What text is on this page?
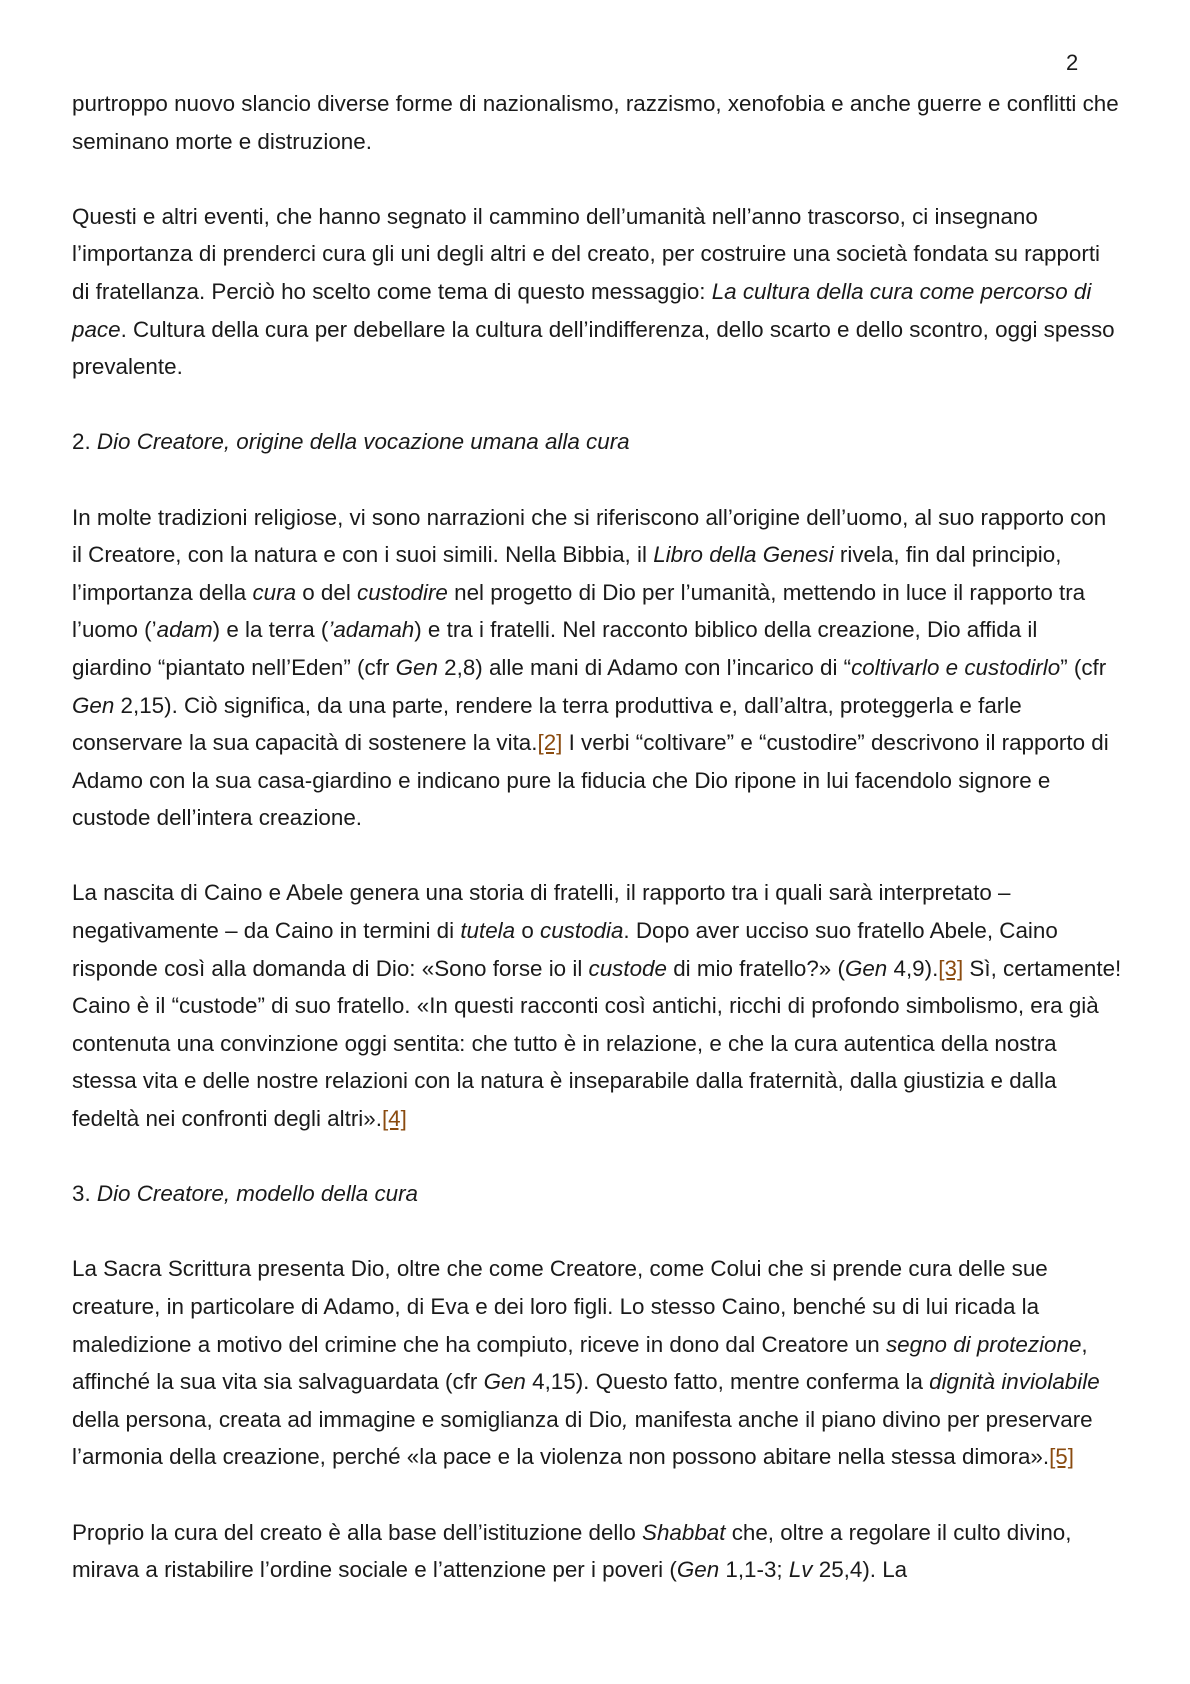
2

purtroppo nuovo slancio diverse forme di nazionalismo, razzismo, xenofobia e anche guerre e conflitti che seminano morte e distruzione.

Questi e altri eventi, che hanno segnato il cammino dell’umanità nell’anno trascorso, ci insegnano l’importanza di prenderci cura gli uni degli altri e del creato, per costruire una società fondata su rapporti di fratellanza. Perciò ho scelto come tema di questo messaggio: La cultura della cura come percorso di pace. Cultura della cura per debellare la cultura dell’indifferenza, dello scarto e dello scontro, oggi spesso prevalente.

2. Dio Creatore, origine della vocazione umana alla cura

In molte tradizioni religiose, vi sono narrazioni che si riferiscono all’origine dell’uomo, al suo rapporto con il Creatore, con la natura e con i suoi simili. Nella Bibbia, il Libro della Genesi rivela, fin dal principio, l’importanza della cura o del custodire nel progetto di Dio per l’umanità, mettendo in luce il rapporto tra l’uomo (’adam) e la terra (’adamah) e tra i fratelli. Nel racconto biblico della creazione, Dio affida il giardino “piantato nell’Eden” (cfr Gen 2,8) alle mani di Adamo con l’incarico di “coltivarlo e custodirlo” (cfr Gen 2,15). Ciò significa, da una parte, rendere la terra produttiva e, dall’altra, proteggerla e farle conservare la sua capacità di sostenere la vita.[2] I verbi “coltivare” e “custodire” descrivono il rapporto di Adamo con la sua casa-giardino e indicano pure la fiducia che Dio ripone in lui facendolo signore e custode dell’intera creazione.

La nascita di Caino e Abele genera una storia di fratelli, il rapporto tra i quali sarà interpretato – negativamente – da Caino in termini di tutela o custodia. Dopo aver ucciso suo fratello Abele, Caino risponde così alla domanda di Dio: «Sono forse io il custode di mio fratello?» (Gen 4,9).[3] Sì, certamente! Caino è il “custode” di suo fratello. «In questi racconti così antichi, ricchi di profondo simbolismo, era già contenuta una convinzione oggi sentita: che tutto è in relazione, e che la cura autentica della nostra stessa vita e delle nostre relazioni con la natura è inseparabile dalla fraternità, dalla giustizia e dalla fedeltà nei confronti degli altri».[4]

3. Dio Creatore, modello della cura

La Sacra Scrittura presenta Dio, oltre che come Creatore, come Colui che si prende cura delle sue creature, in particolare di Adamo, di Eva e dei loro figli. Lo stesso Caino, benché su di lui ricada la maledizione a motivo del crimine che ha compiuto, riceve in dono dal Creatore un segno di protezione, affinché la sua vita sia salvaguardata (cfr Gen 4,15). Questo fatto, mentre conferma la dignità inviolabile della persona, creata ad immagine e somiglianza di Dio, manifesta anche il piano divino per preservare l’armonia della creazione, perché «la pace e la violenza non possono abitare nella stessa dimora».[5]

Proprio la cura del creato è alla base dell’istituzione dello Shabbat che, oltre a regolare il culto divino, mirava a ristabilire l’ordine sociale e l’attenzione per i poveri (Gen 1,1-3; Lv 25,4). La
